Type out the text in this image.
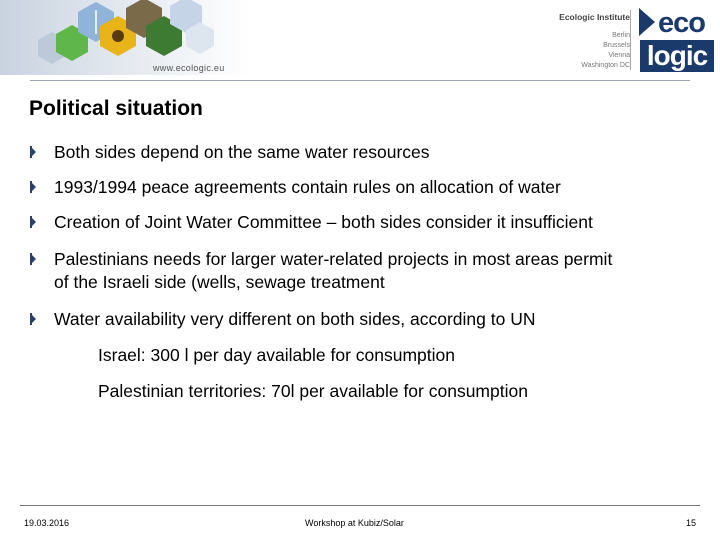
www.ecologic.eu
Ecologic Institute
Berlin
Brussels
Vienna
Washington DC
eco
logic
Political situation
Both sides depend on the same water resources
1993/1994 peace agreements contain rules on allocation of water
Creation of Joint Water Committee – both sides consider it insufficient
Palestinians needs for larger water-related projects in most areas permit
of the Israeli side (wells, sewage treatment
Water availability very different on both sides, according to UN
Israel: 300 l per day available for consumption
Palestinian territories: 70l per available for consumption
19.03.2016	Workshop at Kubiz/Solar	15
